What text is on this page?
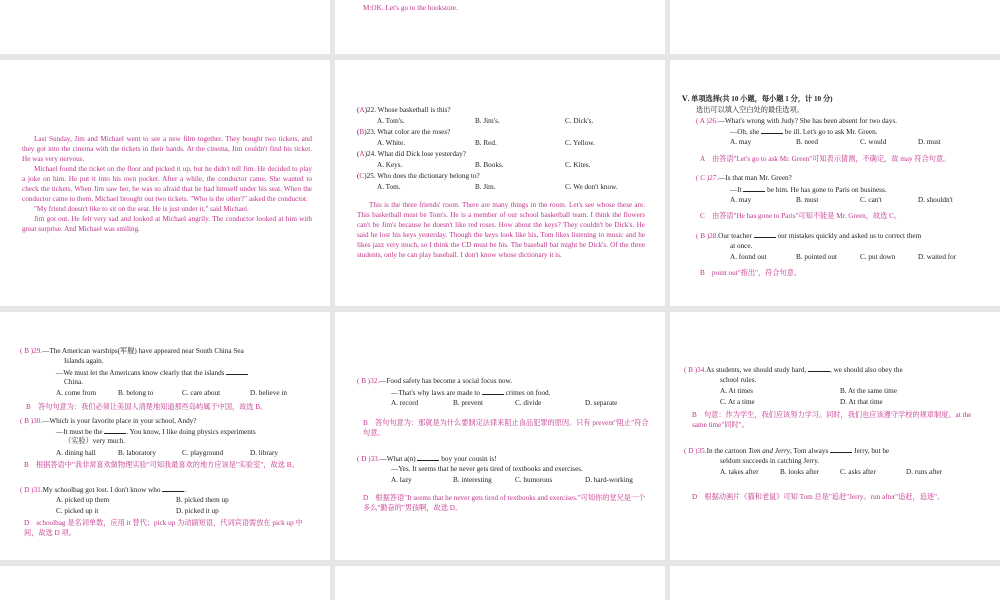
M:OK. Let's go to the bookstore.

Last Sunday, Jim and Michael went to see a new film together. They bought two tickets, and they got into the cinema with the tickets in their hands. At the cinema, Jim couldn't find his ticket. He was very nervous.

Michael found the ticket on the floor and picked it up, but he didn't tell Jim. He decided to play a joke on him. He put it into his own pocket. After a while, the conductor came. She wanted to check the tickets. When Jim saw her, he was so afraid that he had himself under his seat. When the conductor came to them, Michael brought out two tickets. "Who is the other?" asked the conductor.

"My friend doesn't like to sit on the seat. He is just under it," said Michael.

Jim got out. He felt very sad and looked at Michael angrily. The conductor looked at him with great surprise. And Michael was smiling.

(A)22. Whose basketball is this?
A. Tom's.	B. Jim's.	C. Dick's.
(B)23. What color are the roses?
A. White.	B. Red.	C. Yellow.
(A)24. What did Dick lose yesterday?
A. Keys.	B. Books.	C. Kites.
(C)25. Who does the dictionary belong to?
A. Tom.	B. Jim.	C. We don't know.
This is the three friends' room. There are many things in the room. Let's see whose these are. This basketball must be Tom's. He is a member of our school basketball team. I think the flowers can't be Jim's because he doesn't like red roses. How about the keys? They couldn't be Dick's. He said he lost his keys yesterday. Though the keys look like his, Tom likes listening to music and he likes jazz very much, so I think the CD must be his. The baseball bat might be Dick's. Of the three students, only he can play baseball. I don't know whose dictionary it is.
Ⅴ. 单项选择(共 10 小题，每小题 1 分，计 10 分)
选出可以填入空白处的最佳选项。
( A )26.—What's wrong with Judy? She has been absent for two days.
—Oh, she	be ill. Let's go to ask Mr. Green.
A. may	B. need	C. would	D. must
A　由答语"Let's go to ask Mr. Green"可知表示猜测，不确定，故 may 符合句意。
( C )27.—Is that man Mr. Green?
—It	be him. He has gone to Paris on business.
A. may	B. must	C. can't	D. shouldn't
C　由答语"He has gone to Paris"可知不能是 Mr. Green，故选 C。
( B )28.Our teacher	our mistakes quickly and asked us to correct them
at once.
A. found out	B. pointed out	C. put down	D. waited for
B　point out"指出"，符合句意。
( B )29.—The American warships(军舰) have appeared near South China Sea
Islands again.
—We must let the Americans know clearly that the islands
China.
A. come from	B. belong to	C. care about	D. believe in
B　答句句意为：我们必须让美国人清楚地知道那些岛屿属于中国，故选 B。
( B )30.—Which is your favorite place in your school, Andy?
—It must be the	. You know, I like doing physics experiments
（实验）very much.
A. dining hall	B. laboratory	C. playground	D. library
B　根据答语中"我非常喜欢做物理实验"可知我最喜欢的地方应该是"实验室"，故选 B。
( D )31.My schoolbag got lost. I don't know who	.
A. picked up them	B. picked them up
C. picked up it	D. picked it up
D　schoolbag 是名词单数，应用 it 替代；pick up 为动副短语，代词宾语需放在 pick up 中间，故选 D 项。
( B )32.—Food safety has become a social focus now.
—That's why laws are made to	crimes on food.
A. record	B. prevent	C. divide	D. separate
B　答句句意为：那就是为什么要制定法律来阻止食品犯罪的原因。只有 prevent"阻止"符合句意。
( D )33.—What a(n)	boy your cousin is!
—Yes. It seems that he never gets tired of textbooks and exercises.
A. lazy	B. interesting	C. humorous	D. hard-working
D　根据答语"It seems that he never gets tired of textbooks and exercises."可知你的堂兄是一个多么"勤奋的"男孩啊，故选 D。
( B )34.As students, we should study hard,	, we should also obey the
school rules.
A. At times	B. At the same time
C. At a time	D. At that time
B　句意：作为学生，我们应该努力学习。同时，我们也应该遵守学校的规章制度。at the same time"同时"。
( D )35.In the cartoon Tom and Jerry, Tom always	Jerry, but he
seldom succeeds in catching Jerry.
A. takes after	B. looks after	C. asks after	D. runs after
D　根据动画片《猫和老鼠》可知 Tom 总是"追赶"Jerry。run after"追赶，追逐"。
